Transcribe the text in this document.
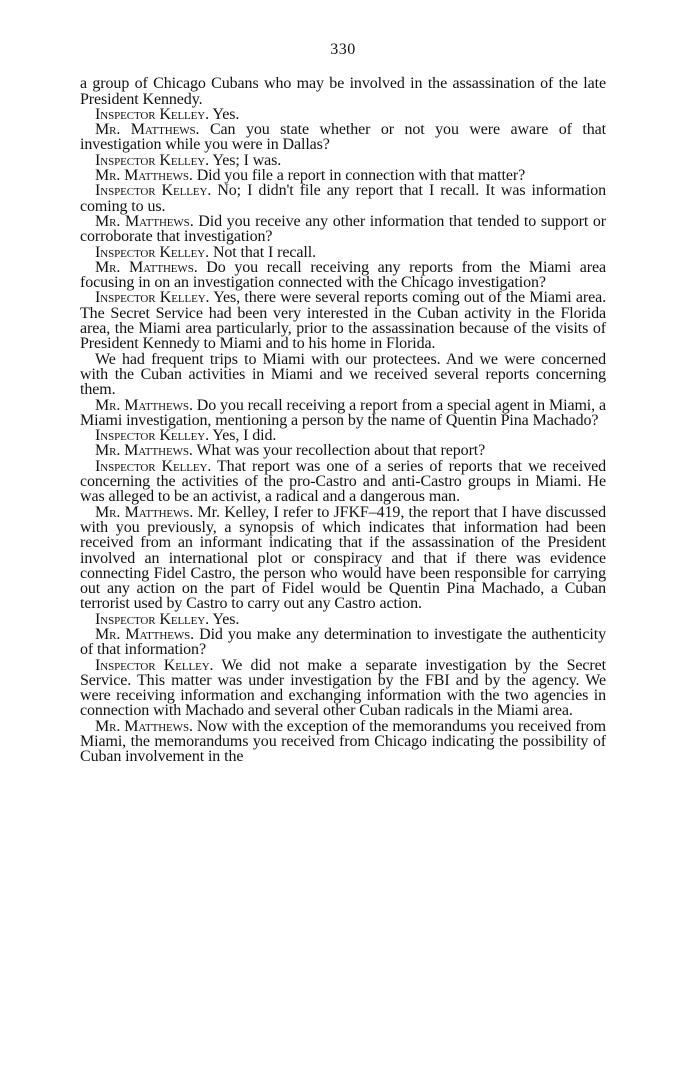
330

a group of Chicago Cubans who may be involved in the assassination of the late President Kennedy.

Inspector Kelley. Yes.

Mr. Matthews. Can you state whether or not you were aware of that investigation while you were in Dallas?

Inspector Kelley. Yes; I was.

Mr. Matthews. Did you file a report in connection with that matter?

Inspector Kelley. No; I didn't file any report that I recall. It was information coming to us.

Mr. Matthews. Did you receive any other information that tended to support or corroborate that investigation?

Inspector Kelley. Not that I recall.

Mr. Matthews. Do you recall receiving any reports from the Miami area focusing in on an investigation connected with the Chicago investigation?

Inspector Kelley. Yes, there were several reports coming out of the Miami area. The Secret Service had been very interested in the Cuban activity in the Florida area, the Miami area particularly, prior to the assassination because of the visits of President Kennedy to Miami and to his home in Florida.

We had frequent trips to Miami with our protectees. And we were concerned with the Cuban activities in Miami and we received several reports concerning them.

Mr. Matthews. Do you recall receiving a report from a special agent in Miami, a Miami investigation, mentioning a person by the name of Quentin Pina Machado?

Inspector Kelley. Yes, I did.

Mr. Matthews. What was your recollection about that report?

Inspector Kelley. That report was one of a series of reports that we received concerning the activities of the pro-Castro and anti-Castro groups in Miami. He was alleged to be an activist, a radical and a dangerous man.

Mr. Matthews. Mr. Kelley, I refer to JFKF–419, the report that I have discussed with you previously, a synopsis of which indicates that information had been received from an informant indicating that if the assassination of the President involved an international plot or conspiracy and that if there was evidence connecting Fidel Castro, the person who would have been responsible for carrying out any action on the part of Fidel would be Quentin Pina Machado, a Cuban terrorist used by Castro to carry out any Castro action.

Inspector Kelley. Yes.

Mr. Matthews. Did you make any determination to investigate the authenticity of that information?

Inspector Kelley. We did not make a separate investigation by the Secret Service. This matter was under investigation by the FBI and by the agency. We were receiving information and exchanging information with the two agencies in connection with Machado and several other Cuban radicals in the Miami area.

Mr. Matthews. Now with the exception of the memorandums you received from Miami, the memorandums you received from Chicago indicating the possibility of Cuban involvement in the
